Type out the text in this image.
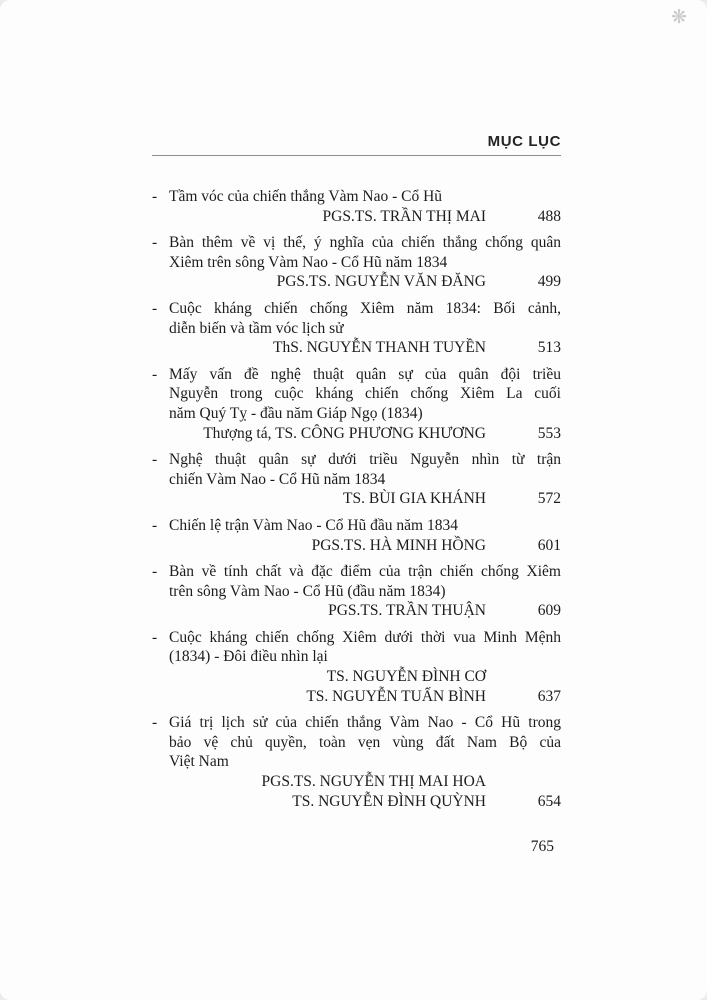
❋
MỤC LỤC
- Tầm vóc của chiến thắng Vàm Nao - Cổ Hũ
PGS.TS. TRẦN THỊ MAI	488
- Bàn thêm về vị thế, ý nghĩa của chiến thắng chống quân
Xiêm trên sông Vàm Nao - Cổ Hũ năm 1834
PGS.TS. NGUYỄN VĂN ĐĂNG	499
- Cuộc kháng chiến chống Xiêm năm 1834: Bối cảnh,
diễn biến và tầm vóc lịch sử
ThS. NGUYỄN THANH TUYỀN	513
- Mấy vấn đề nghệ thuật quân sự của quân đội triều
Nguyễn trong cuộc kháng chiến chống Xiêm La cuối
năm Quý Tỵ - đầu năm Giáp Ngọ (1834)
Thượng tá, TS. CÔNG PHƯƠNG KHƯƠNG	553
- Nghệ thuật quân sự dưới triều Nguyễn nhìn từ trận
chiến Vàm Nao - Cổ Hũ năm 1834
TS. BÙI GIA KHÁNH	572
- Chiến lệ trận Vàm Nao - Cổ Hũ đầu năm 1834
PGS.TS. HÀ MINH HỒNG	601
- Bàn về tính chất và đặc điểm của trận chiến chống Xiêm
trên sông Vàm Nao - Cổ Hũ (đầu năm 1834)
PGS.TS. TRẦN THUẬN	609
- Cuộc kháng chiến chống Xiêm dưới thời vua Minh Mệnh
(1834) - Đôi điều nhìn lại
TS. NGUYỄN ĐÌNH CƠ
TS. NGUYỄN TUẤN BÌNH	637
- Giá trị lịch sử của chiến thắng Vàm Nao - Cổ Hũ trong
bảo vệ chủ quyền, toàn vẹn vùng đất Nam Bộ của
Việt Nam
PGS.TS. NGUYỄN THỊ MAI HOA
TS. NGUYỄN ĐÌNH QUỲNH	654
765
